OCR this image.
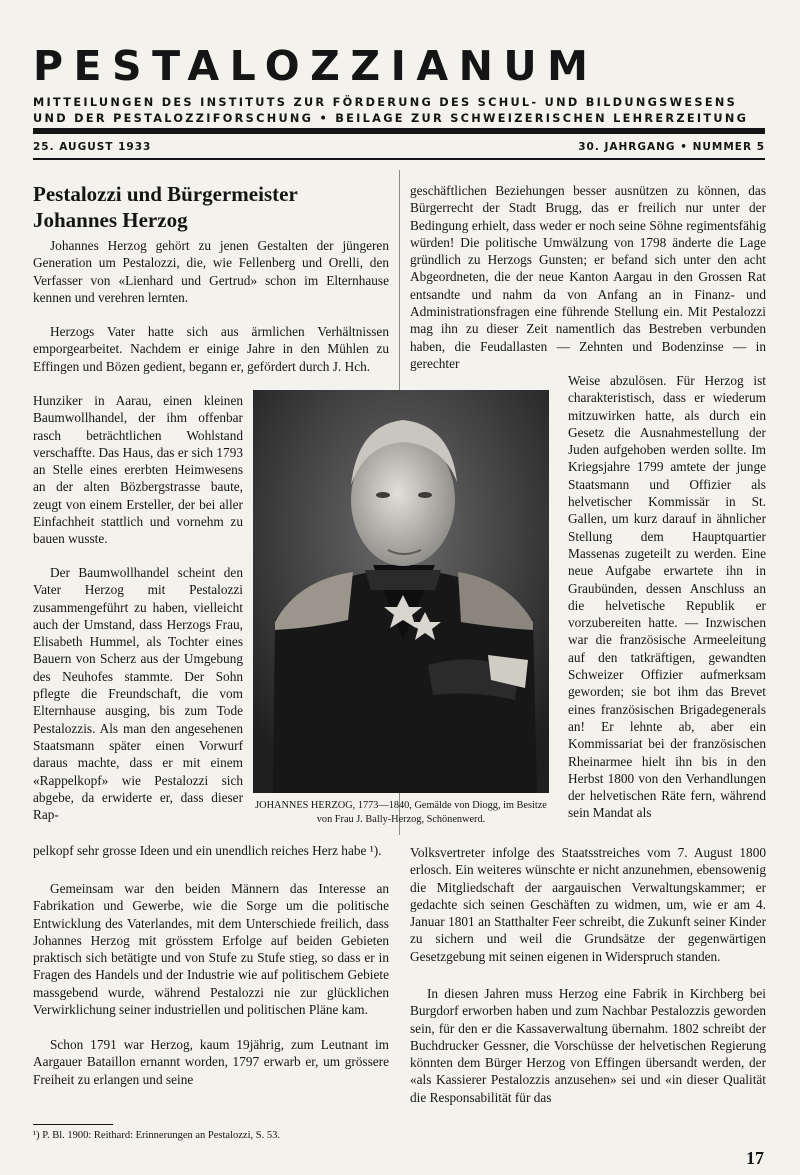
PESTALOZZIANUM
MITTEILUNGEN DES INSTITUTS ZUR FÖRDERUNG DES SCHUL- UND BILDUNGSWESENS
UND DER PESTALOZZIFORSCHUNG • BEILAGE ZUR SCHWEIZERISCHEN LEHRERZEITUNG
25. AUGUST 1933	30. JAHRGANG • NUMMER 5
Pestalozzi und Bürgermeister Johannes Herzog
Johannes Herzog gehört zu jenen Gestalten der jüngeren Generation um Pestalozzi, die, wie Fellenberg und Orelli, den Verfasser von «Lienhard und Gertrud» schon im Elternhause kennen und verehren lernten.
Herzogs Vater hatte sich aus ärmlichen Verhältnissen emporgearbeitet. Nachdem er einige Jahre in den Mühlen zu Effingen und Bözen gedient, begann er, gefördert durch J. Hch.
Hunziker in Aarau, einen kleinen Baumwollhandel, der ihm offenbar rasch beträchtlichen Wohlstand verschaffte. Das Haus, das er sich 1793 an Stelle eines ererbten Heimwesens an der alten Bözbergstrasse baute, zeugt von einem Ersteller, der bei aller Einfachheit stattlich und vornehm zu bauen wusste.
Der Baumwollhandel scheint den Vater Herzog mit Pestalozzi zusammengeführt zu haben, vielleicht auch der Umstand, dass Herzogs Frau, Elisabeth Hummel, als Tochter eines Bauern von Scherz aus der Umgebung des Neuhofes stammte. Der Sohn pflegte die Freundschaft, die vom Elternhause ausging, bis zum Tode Pestalozzis. Als man den angesehenen Staatsmann später einen Vorwurf daraus machte, dass er mit einem «Rappelkopf» wie Pestalozzi sich abgebe, da erwiderte er, dass dieser Rap-
pelkopf sehr grosse Ideen und ein unendlich reiches Herz habe ¹).
Gemeinsam war den beiden Männern das Interesse an Fabrikation und Gewerbe, wie die Sorge um die politische Entwicklung des Vaterlandes, mit dem Unterschiede freilich, dass Johannes Herzog mit grösstem Erfolge auf beiden Gebieten praktisch sich betätigte und von Stufe zu Stufe stieg, so dass er in Fragen des Handels und der Industrie wie auf politischem Gebiete massgebend wurde, während Pestalozzi nie zur glücklichen Verwirklichung seiner industriellen und politischen Pläne kam.
Schon 1791 war Herzog, kaum 19jährig, zum Leutnant im Aargauer Bataillon ernannt worden, 1797 erwarb er, um grössere Freiheit zu erlangen und seine
geschäftlichen Beziehungen besser ausnützen zu können, das Bürgerrecht der Stadt Brugg, das er freilich nur unter der Bedingung erhielt, dass weder er noch seine Söhne regimentsfähig würden! Die politische Umwälzung von 1798 änderte die Lage gründlich zu Herzogs Gunsten; er befand sich unter den acht Abgeordneten, die der neue Kanton Aargau in den Grossen Rat entsandte und nahm da von Anfang an in Finanz- und Administrationsfragen eine führende Stellung ein. Mit Pestalozzi mag ihn zu dieser Zeit namentlich das Bestreben verbunden haben, die Feudallasten — Zehnten und Bodenzinse — in gerechter
Weise abzulösen. Für Herzog ist charakteristisch, dass er wiederum mitzuwirken hatte, als durch ein Gesetz die Ausnahmestellung der Juden aufgehoben werden sollte. Im Kriegsjahre 1799 amtete der junge Staatsmann und Offizier als helvetischer Kommissär in St. Gallen, um kurz darauf in ähnlicher Stellung dem Hauptquartier Massenas zugeteilt zu werden. Eine neue Aufgabe erwartete ihn in Graubünden, dessen Anschluss an die helvetische Republik er vorzubereiten hatte. — Inzwischen war die französische Armeeleitung auf den tatkräftigen, gewandten Schweizer Offizier aufmerksam geworden; sie bot ihm das Brevet eines französischen Brigadegenerals an! Er lehnte ab, aber ein Kommissariat bei der französischen Rheinarmee hielt ihn bis in den Herbst 1800 von den Verhandlungen der helvetischen Räte fern, während sein Mandat als
Volksvertreter infolge des Staatsstreiches vom 7. August 1800 erlosch. Ein weiteres wünschte er nicht anzunehmen, ebensowenig die Mitgliedschaft der aargauischen Verwaltungskammer; er gedachte sich seinen Geschäften zu widmen, um, wie er am 4. Januar 1801 an Statthalter Feer schreibt, die Zukunft seiner Kinder zu sichern und weil die Grundsätze der gegenwärtigen Gesetzgebung mit seinen eigenen in Widerspruch standen.
In diesen Jahren muss Herzog eine Fabrik in Kirchberg bei Burgdorf erworben haben und zum Nachbar Pestalozzis geworden sein, für den er die Kassaverwaltung übernahm. 1802 schreibt der Buchdrucker Gessner, die Vorschüsse der helvetischen Regierung könnten dem Bürger Herzog von Effingen übersandt werden, der «als Kassierer Pestalozzis anzusehen» sei und «in dieser Qualität die Responsabilität für das
JOHANNES HERZOG, 1773—1840, Gemälde von Diogg, im Besitze von Frau J. Bally-Herzog, Schönenwerd.
¹) P. Bl. 1900: Reithard: Erinnerungen an Pestalozzi, S. 53.
17
